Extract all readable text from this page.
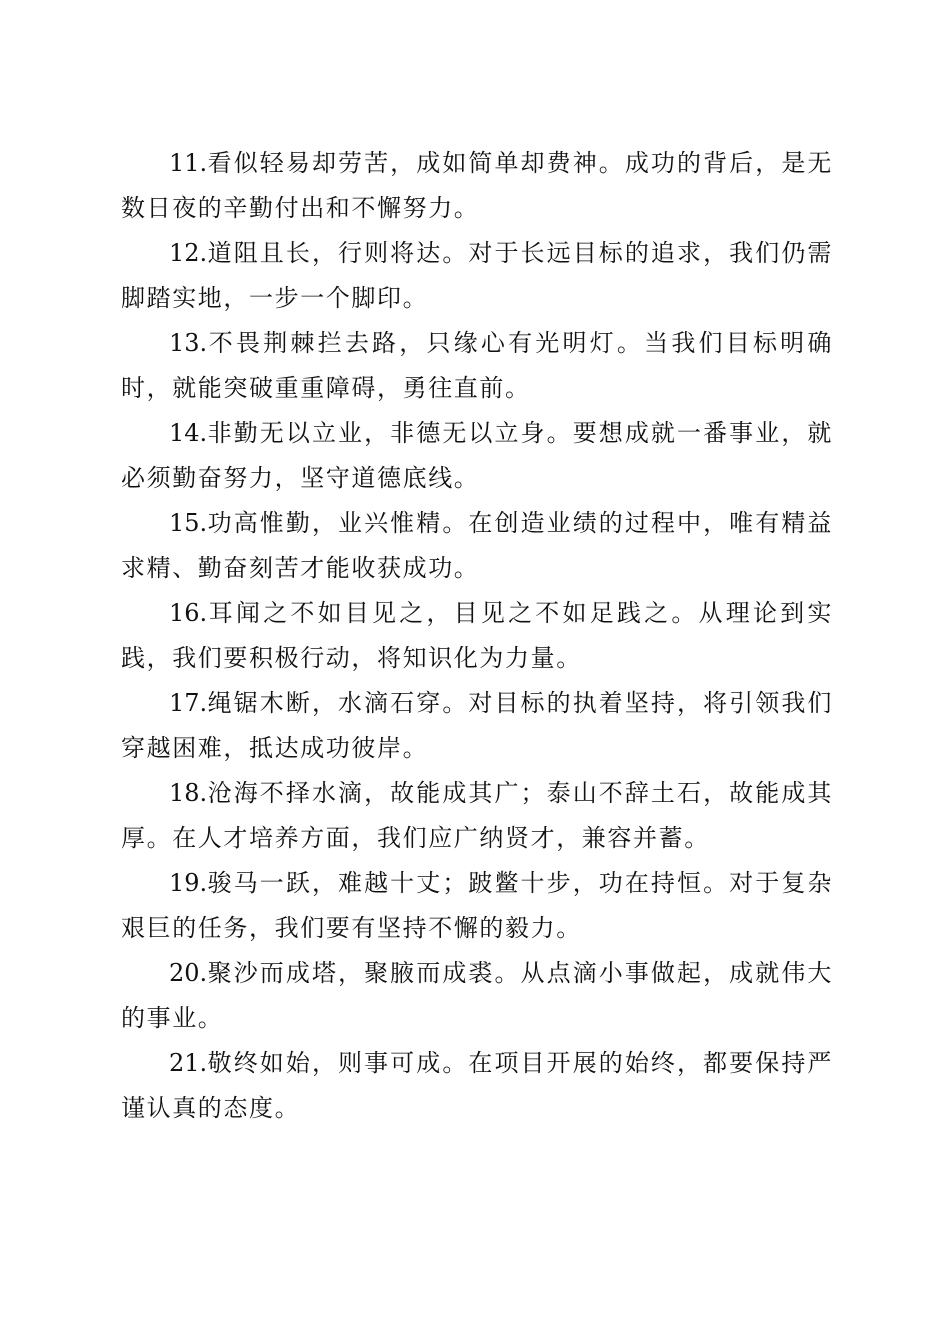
11.看似轻易却劳苦，成如简单却费神。成功的背后，是无数日夜的辛勤付出和不懈努力。

12.道阻且长，行则将达。对于长远目标的追求，我们仍需脚踏实地，一步一个脚印。

13.不畏荆棘拦去路，只缘心有光明灯。当我们目标明确时，就能突破重重障碍，勇往直前。

14.非勤无以立业，非德无以立身。要想成就一番事业，就必须勤奋努力，坚守道德底线。

15.功高惟勤，业兴惟精。在创造业绩的过程中，唯有精益求精、勤奋刻苦才能收获成功。

16.耳闻之不如目见之，目见之不如足践之。从理论到实践，我们要积极行动，将知识化为力量。

17.绳锯木断，水滴石穿。对目标的执着坚持，将引领我们穿越困难，抵达成功彼岸。

18.沧海不择水滴，故能成其广；泰山不辞土石，故能成其厚。在人才培养方面，我们应广纳贤才，兼容并蓄。

19.骏马一跃，难越十丈；跛鳖十步，功在持恒。对于复杂艰巨的任务，我们要有坚持不懈的毅力。

20.聚沙而成塔，聚腋而成裘。从点滴小事做起，成就伟大的事业。

21.敬终如始，则事可成。在项目开展的始终，都要保持严谨认真的态度。
